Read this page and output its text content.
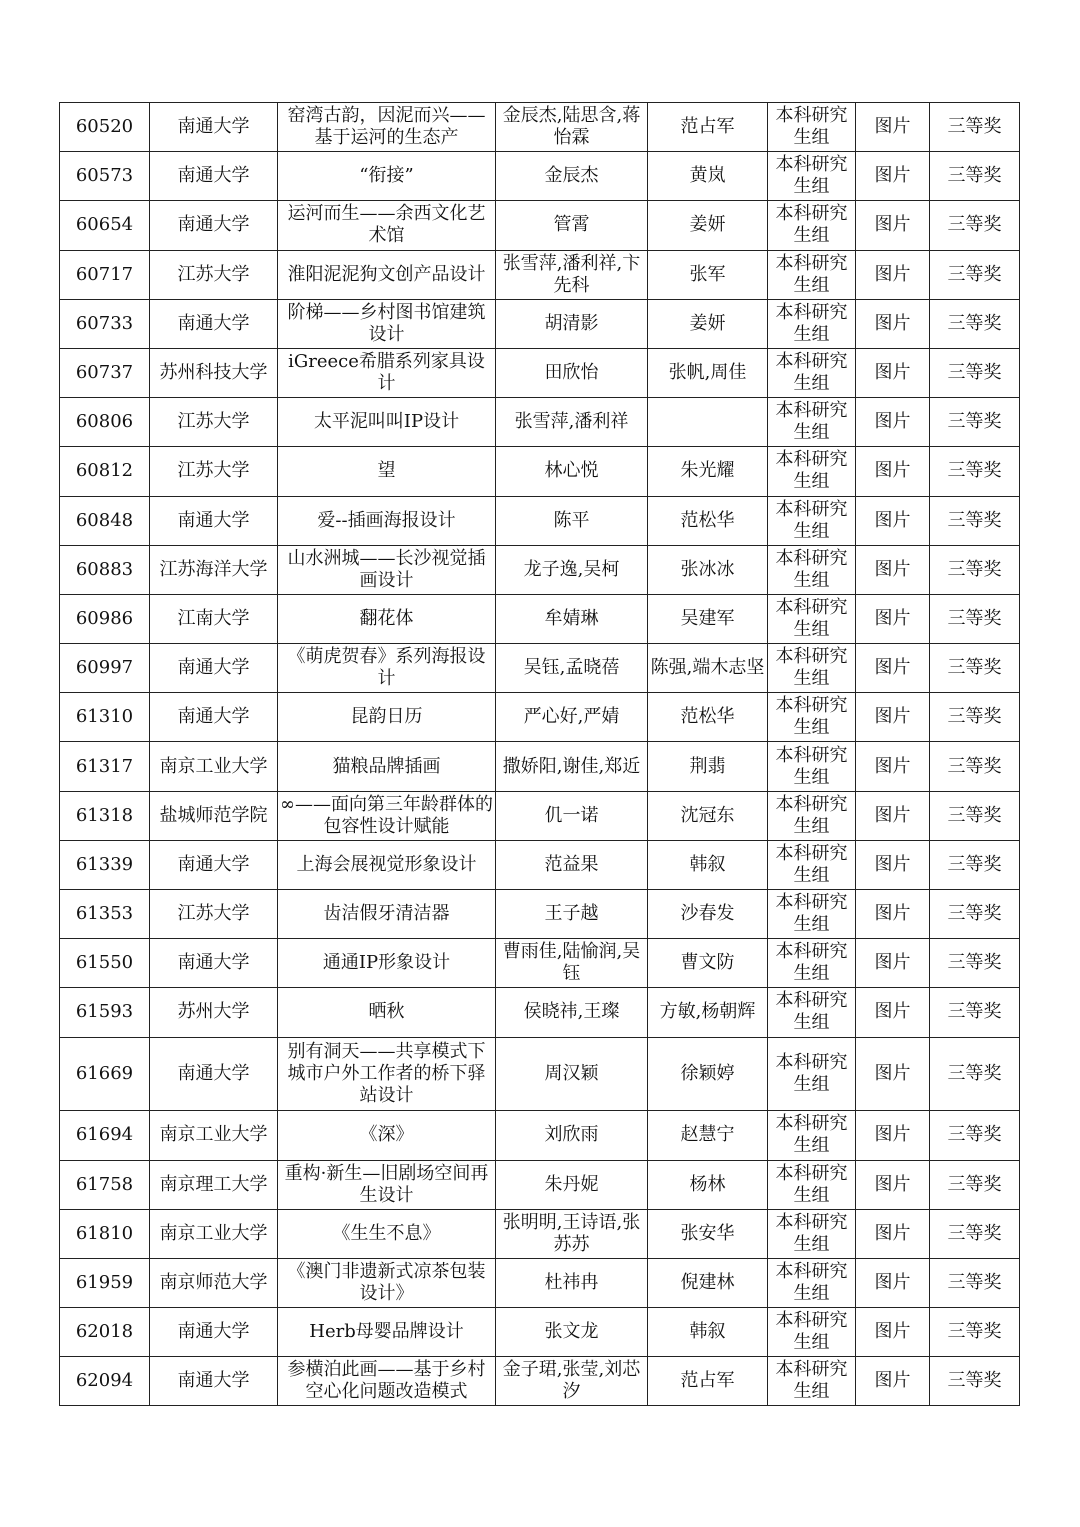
60520	南通大学	窑湾古韵，因泥而兴——基于运河的生态产	金辰杰,陆思含,蒋怡霖	范占军	本科研究生组	图片	三等奖
60573	南通大学	“衔接”	金辰杰	黄岚	本科研究生组	图片	三等奖
60654	南通大学	运河而生——余西文化艺术馆	管霄	姜妍	本科研究生组	图片	三等奖
60717	江苏大学	淮阳泥泥狗文创产品设计	张雪萍,潘利祥,卞先科	张军	本科研究生组	图片	三等奖
60733	南通大学	阶梯——乡村图书馆建筑设计	胡清影	姜妍	本科研究生组	图片	三等奖
60737	苏州科技大学	iGreece希腊系列家具设计	田欣怡	张帆,周佳	本科研究生组	图片	三等奖
60806	江苏大学	太平泥叫叫IP设计	张雪萍,潘利祥		本科研究生组	图片	三等奖
60812	江苏大学	望	林心悦	朱光耀	本科研究生组	图片	三等奖
60848	南通大学	爱--插画海报设计	陈平	范松华	本科研究生组	图片	三等奖
60883	江苏海洋大学	山水洲城——长沙视觉插画设计	龙子逸,吴柯	张冰冰	本科研究生组	图片	三等奖
60986	江南大学	翻花体	牟婧琳	吴建军	本科研究生组	图片	三等奖
60997	南通大学	《萌虎贺春》系列海报设计	吴钰,孟晓蓓	陈强,端木志坚	本科研究生组	图片	三等奖
61310	南通大学	昆韵日历	严心好,严婧	范松华	本科研究生组	图片	三等奖
61317	南京工业大学	猫粮品牌插画	撒娇阳,谢佳,郑近	荆翡	本科研究生组	图片	三等奖
61318	盐城师范学院	∞——面向第三年龄群体的包容性设计赋能	仉一诺	沈冠东	本科研究生组	图片	三等奖
61339	南通大学	上海会展视觉形象设计	范益果	韩叙	本科研究生组	图片	三等奖
61353	江苏大学	齿洁假牙清洁器	王子越	沙春发	本科研究生组	图片	三等奖
61550	南通大学	通通IP形象设计	曹雨佳,陆愉润,吴钰	曹文防	本科研究生组	图片	三等奖
61593	苏州大学	晒秋	侯晓祎,王璨	方敏,杨朝辉	本科研究生组	图片	三等奖
61669	南通大学	别有洞天——共享模式下城市户外工作者的桥下驿站设计	周汉颖	徐颖婷	本科研究生组	图片	三等奖
61694	南京工业大学	《深》	刘欣雨	赵慧宁	本科研究生组	图片	三等奖
61758	南京理工大学	重构·新生—旧剧场空间再生设计	朱丹妮	杨林	本科研究生组	图片	三等奖
61810	南京工业大学	《生生不息》	张明明,王诗语,张苏苏	张安华	本科研究生组	图片	三等奖
61959	南京师范大学	《澳门非遗新式凉茶包装设计》	杜祎冉	倪建林	本科研究生组	图片	三等奖
62018	南通大学	Herb母婴品牌设计	张文龙	韩叙	本科研究生组	图片	三等奖
62094	南通大学	参横泊此画——基于乡村空心化问题改造模式	金子珺,张莹,刘芯汐	范占军	本科研究生组	图片	三等奖
